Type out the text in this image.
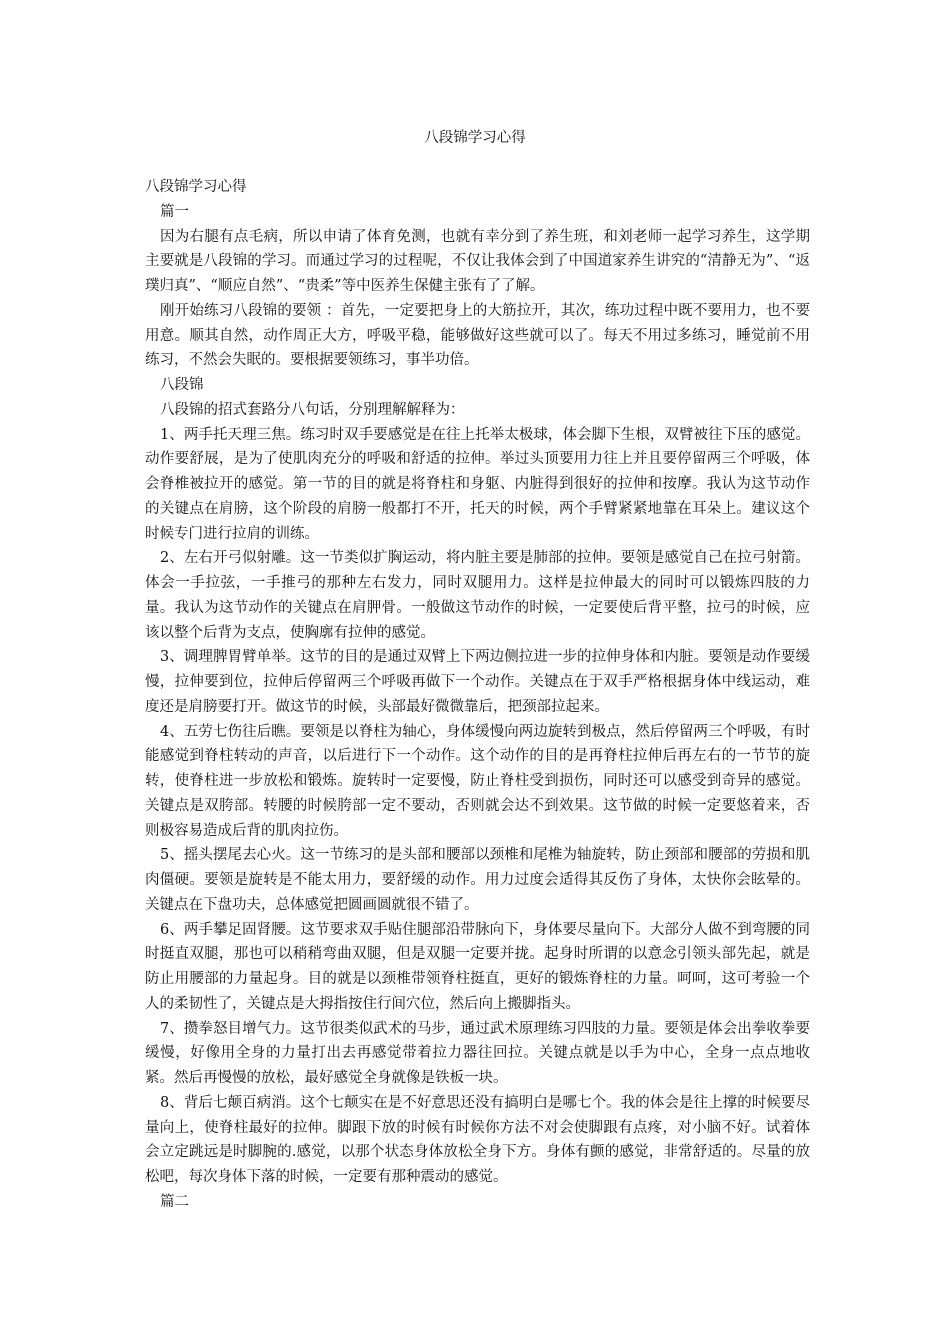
八段锦学习心得

八段锦学习心得

篇一

因为右腿有点毛病，所以申请了体育免测，也就有幸分到了养生班，和刘老师一起学习养生，这学期主要就是八段锦的学习。而通过学习的过程呢，不仅让我体会到了中国道家养生讲究的“清静无为”、“返璞归真”、“顺应自然”、“贵柔”等中医养生保健主张有了了解。

刚开始练习八段锦的要领 ：首先，一定要把身上的大筋拉开，其次，练功过程中既不要用力，也不要用意。顺其自然，动作周正大方，呼吸平稳，能够做好这些就可以了。每天不用过多练习，睡觉前不用练习，不然会失眠的。要根据要领练习，事半功倍。

八段锦

八段锦的招式套路分八句话，分别理解解释为：

1、两手托天理三焦。练习时双手要感觉是在往上托举太极球，体会脚下生根，双臂被往下压的感觉。动作要舒展，是为了使肌肉充分的呼吸和舒适的拉伸。举过头顶要用力往上并且要停留两三个呼吸，体会脊椎被拉开的感觉。第一节的目的就是将脊柱和身躯、内脏得到很好的拉伸和按摩。我认为这节动作的关键点在肩膀，这个阶段的肩膀一般都打不开，托天的时候，两个手臂紧紧地靠在耳朵上。建议这个时候专门进行拉肩的训练。

2、左右开弓似射雕。这一节类似扩胸运动，将内脏主要是肺部的拉伸。要领是感觉自己在拉弓射箭。体会一手拉弦，一手推弓的那种左右发力，同时双腿用力。这样是拉伸最大的同时可以锻炼四肢的力量。我认为这节动作的关键点在肩胛骨。一般做这节动作的时候，一定要使后背平整，拉弓的时候，应该以整个后背为支点，使胸廓有拉伸的感觉。

3、调理脾胃臂单举。这节的目的是通过双臂上下两边侧拉进一步的拉伸身体和内脏。要领是动作要缓慢，拉伸要到位，拉伸后停留两三个呼吸再做下一个动作。关键点在于双手严格根据身体中线运动，难度还是肩膀要打开。做这节的时候，头部最好微微靠后，把颈部拉起来。

4、五劳七伤往后瞧。要领是以脊柱为轴心，身体缓慢向两边旋转到极点，然后停留两三个呼吸，有时能感觉到脊柱转动的声音，以后进行下一个动作。这个动作的目的是再脊柱拉伸后再左右的一节节的旋转，使脊柱进一步放松和锻炼。旋转时一定要慢，防止脊柱受到损伤，同时还可以感受到奇异的感觉。关键点是双胯部。转腰的时候胯部一定不要动，否则就会达不到效果。这节做的时候一定要悠着来，否则极容易造成后背的肌肉拉伤。

5、摇头摆尾去心火。这一节练习的是头部和腰部以颈椎和尾椎为轴旋转，防止颈部和腰部的劳损和肌肉僵硬。要领是旋转是不能太用力，要舒缓的动作。用力过度会适得其反伤了身体，太快你会眩晕的。关键点在下盘功夫，总体感觉把圆画圆就很不错了。

6、两手攀足固肾腰。这节要求双手贴住腿部沿带脉向下，身体要尽量向下。大部分人做不到弯腰的同时挺直双腿，那也可以稍稍弯曲双腿，但是双腿一定要并拢。起身时所谓的以意念引领头部先起，就是防止用腰部的力量起身。目的就是以颈椎带领脊柱挺直，更好的锻炼脊柱的力量。呵呵，这可考验一个人的柔韧性了，关键点是大拇指按住行间穴位，然后向上搬脚指头。

7、攒拳怒目增气力。这节很类似武术的马步，通过武术原理练习四肢的力量。要领是体会出拳收拳要缓慢，好像用全身的力量打出去再感觉带着拉力器往回拉。关键点就是以手为中心，全身一点点地收紧。然后再慢慢的放松，最好感觉全身就像是铁板一块。

8、背后七颠百病消。这个七颠实在是不好意思还没有搞明白是哪七个。我的体会是往上撑的时候要尽量向上，使脊柱最好的拉伸。脚跟下放的时候有时候你方法不对会使脚跟有点疼，对小脑不好。试着体会立定跳远是时脚腕的.感觉，以那个状态身体放松全身下方。身体有颤的感觉，非常舒适的。尽量的放松吧，每次身体下落的时候，一定要有那种震动的感觉。

篇二
